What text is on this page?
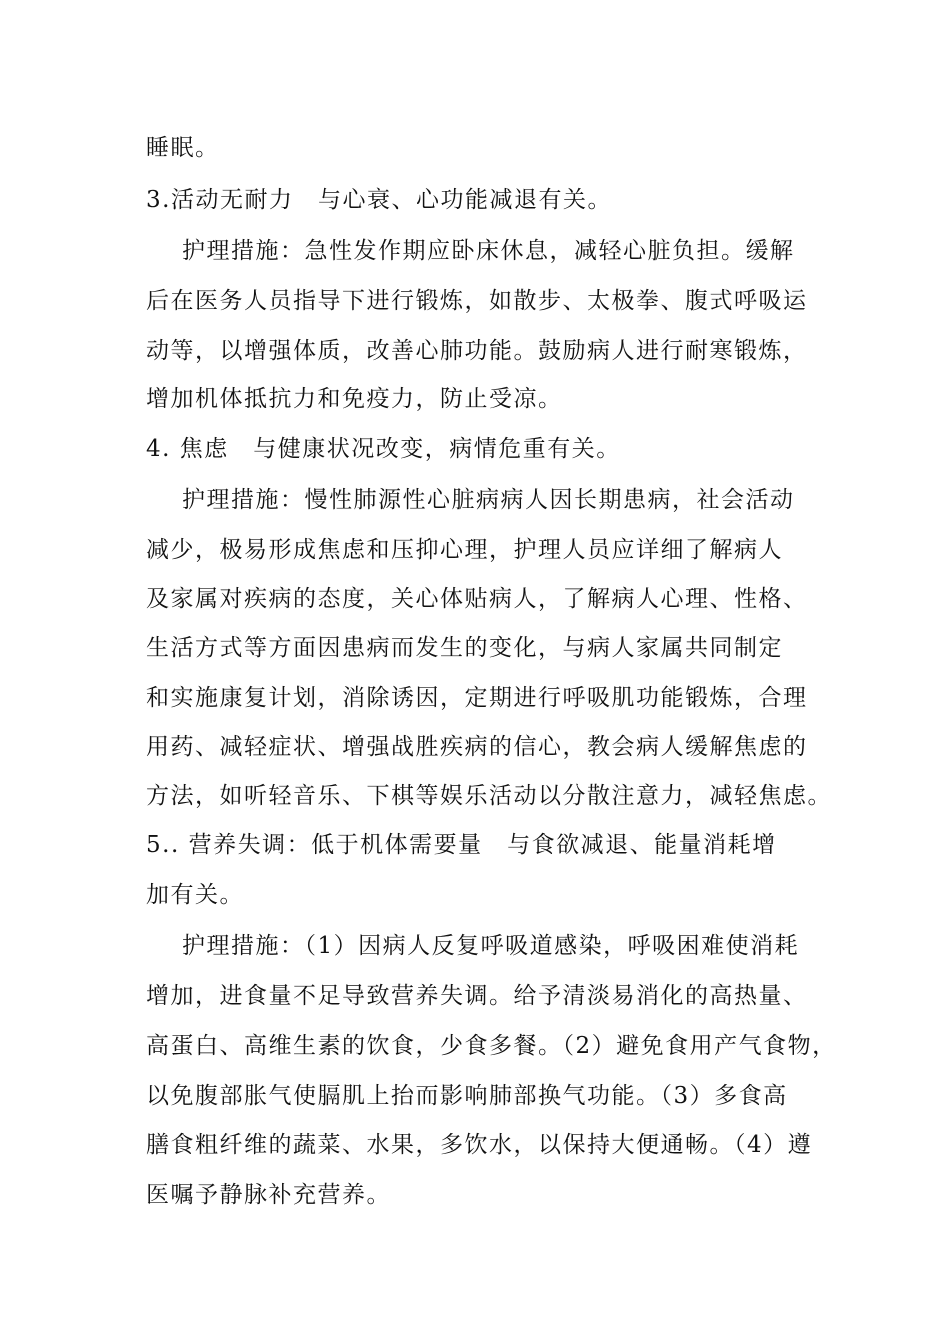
睡眠。

3.活动无耐力　与心衰、心功能减退有关。

护理措施：急性发作期应卧床休息，减轻心脏负担。缓解

后在医务人员指导下进行锻炼，如散步、太极拳、腹式呼吸运

动等，以增强体质，改善心肺功能。鼓励病人进行耐寒锻炼，

增加机体抵抗力和免疫力，防止受凉。

4. 焦虑　与健康状况改变，病情危重有关。

护理措施：慢性肺源性心脏病病人因长期患病，社会活动

减少，极易形成焦虑和压抑心理，护理人员应详细了解病人

及家属对疾病的态度，关心体贴病人，了解病人心理、性格、

生活方式等方面因患病而发生的变化，与病人家属共同制定

和实施康复计划，消除诱因，定期进行呼吸肌功能锻炼，合理

用药、减轻症状、增强战胜疾病的信心，教会病人缓解焦虑的

方法，如听轻音乐、下棋等娱乐活动以分散注意力，减轻焦虑。

5.. 营养失调：低于机体需要量　与食欲减退、能量消耗增

加有关。

护理措施：（1）因病人反复呼吸道感染，呼吸困难使消耗

增加，进食量不足导致营养失调。给予清淡易消化的高热量、

高蛋白、高维生素的饮食，少食多餐。（2）避免食用产气食物，

以免腹部胀气使膈肌上抬而影响肺部换气功能。（3）多食高

膳食粗纤维的蔬菜、水果，多饮水，以保持大便通畅。（4）遵

医嘱予静脉补充营养。
